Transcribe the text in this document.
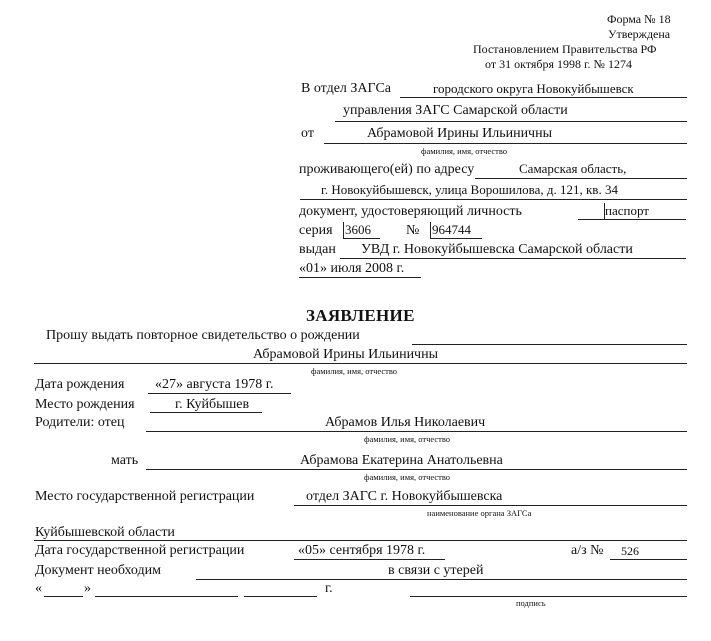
Форма № 18
Утверждена
Постановлением Правительства РФ
от 31 октября 1998 г. № 1274
В отдел ЗАГСа	городского округа Новокуйбышевск
управления ЗАГС Самарской области
от	Абрамовой Ирины Ильиничны
фамилия, имя, отчество
проживающего(ей) по адресу	Самарская область,
г. Новокуйбышевск, улица Ворошилова, д. 121, кв. 34
документ, удостоверяющий личность	паспорт
серия 3606	№ 964744
выдан УВД г. Новокуйбышевска Самарской области
«01» июля 2008 г.
ЗАЯВЛЕНИЕ
Прошу выдать повторное свидетельство о рождении
Абрамовой Ирины Ильиничны
фамилия, имя, отчество
Дата рождения «27» августа 1978 г.
Место рождения	г. Куйбышев
Родители: отец	Абрамов Илья Николаевич
фамилия, имя, отчество
мать	Абрамова Екатерина Анатольевна
фамилия, имя, отчество
Место государственной регистрации	отдел ЗАГС г. Новокуйбышевска
наименование органа ЗАГСа
Куйбышевской области
Дата государственной регистрации	«05» сентября 1978 г.	а/з № 526
Документ необходим	в связи с утерей
«	»	г.
подпись
